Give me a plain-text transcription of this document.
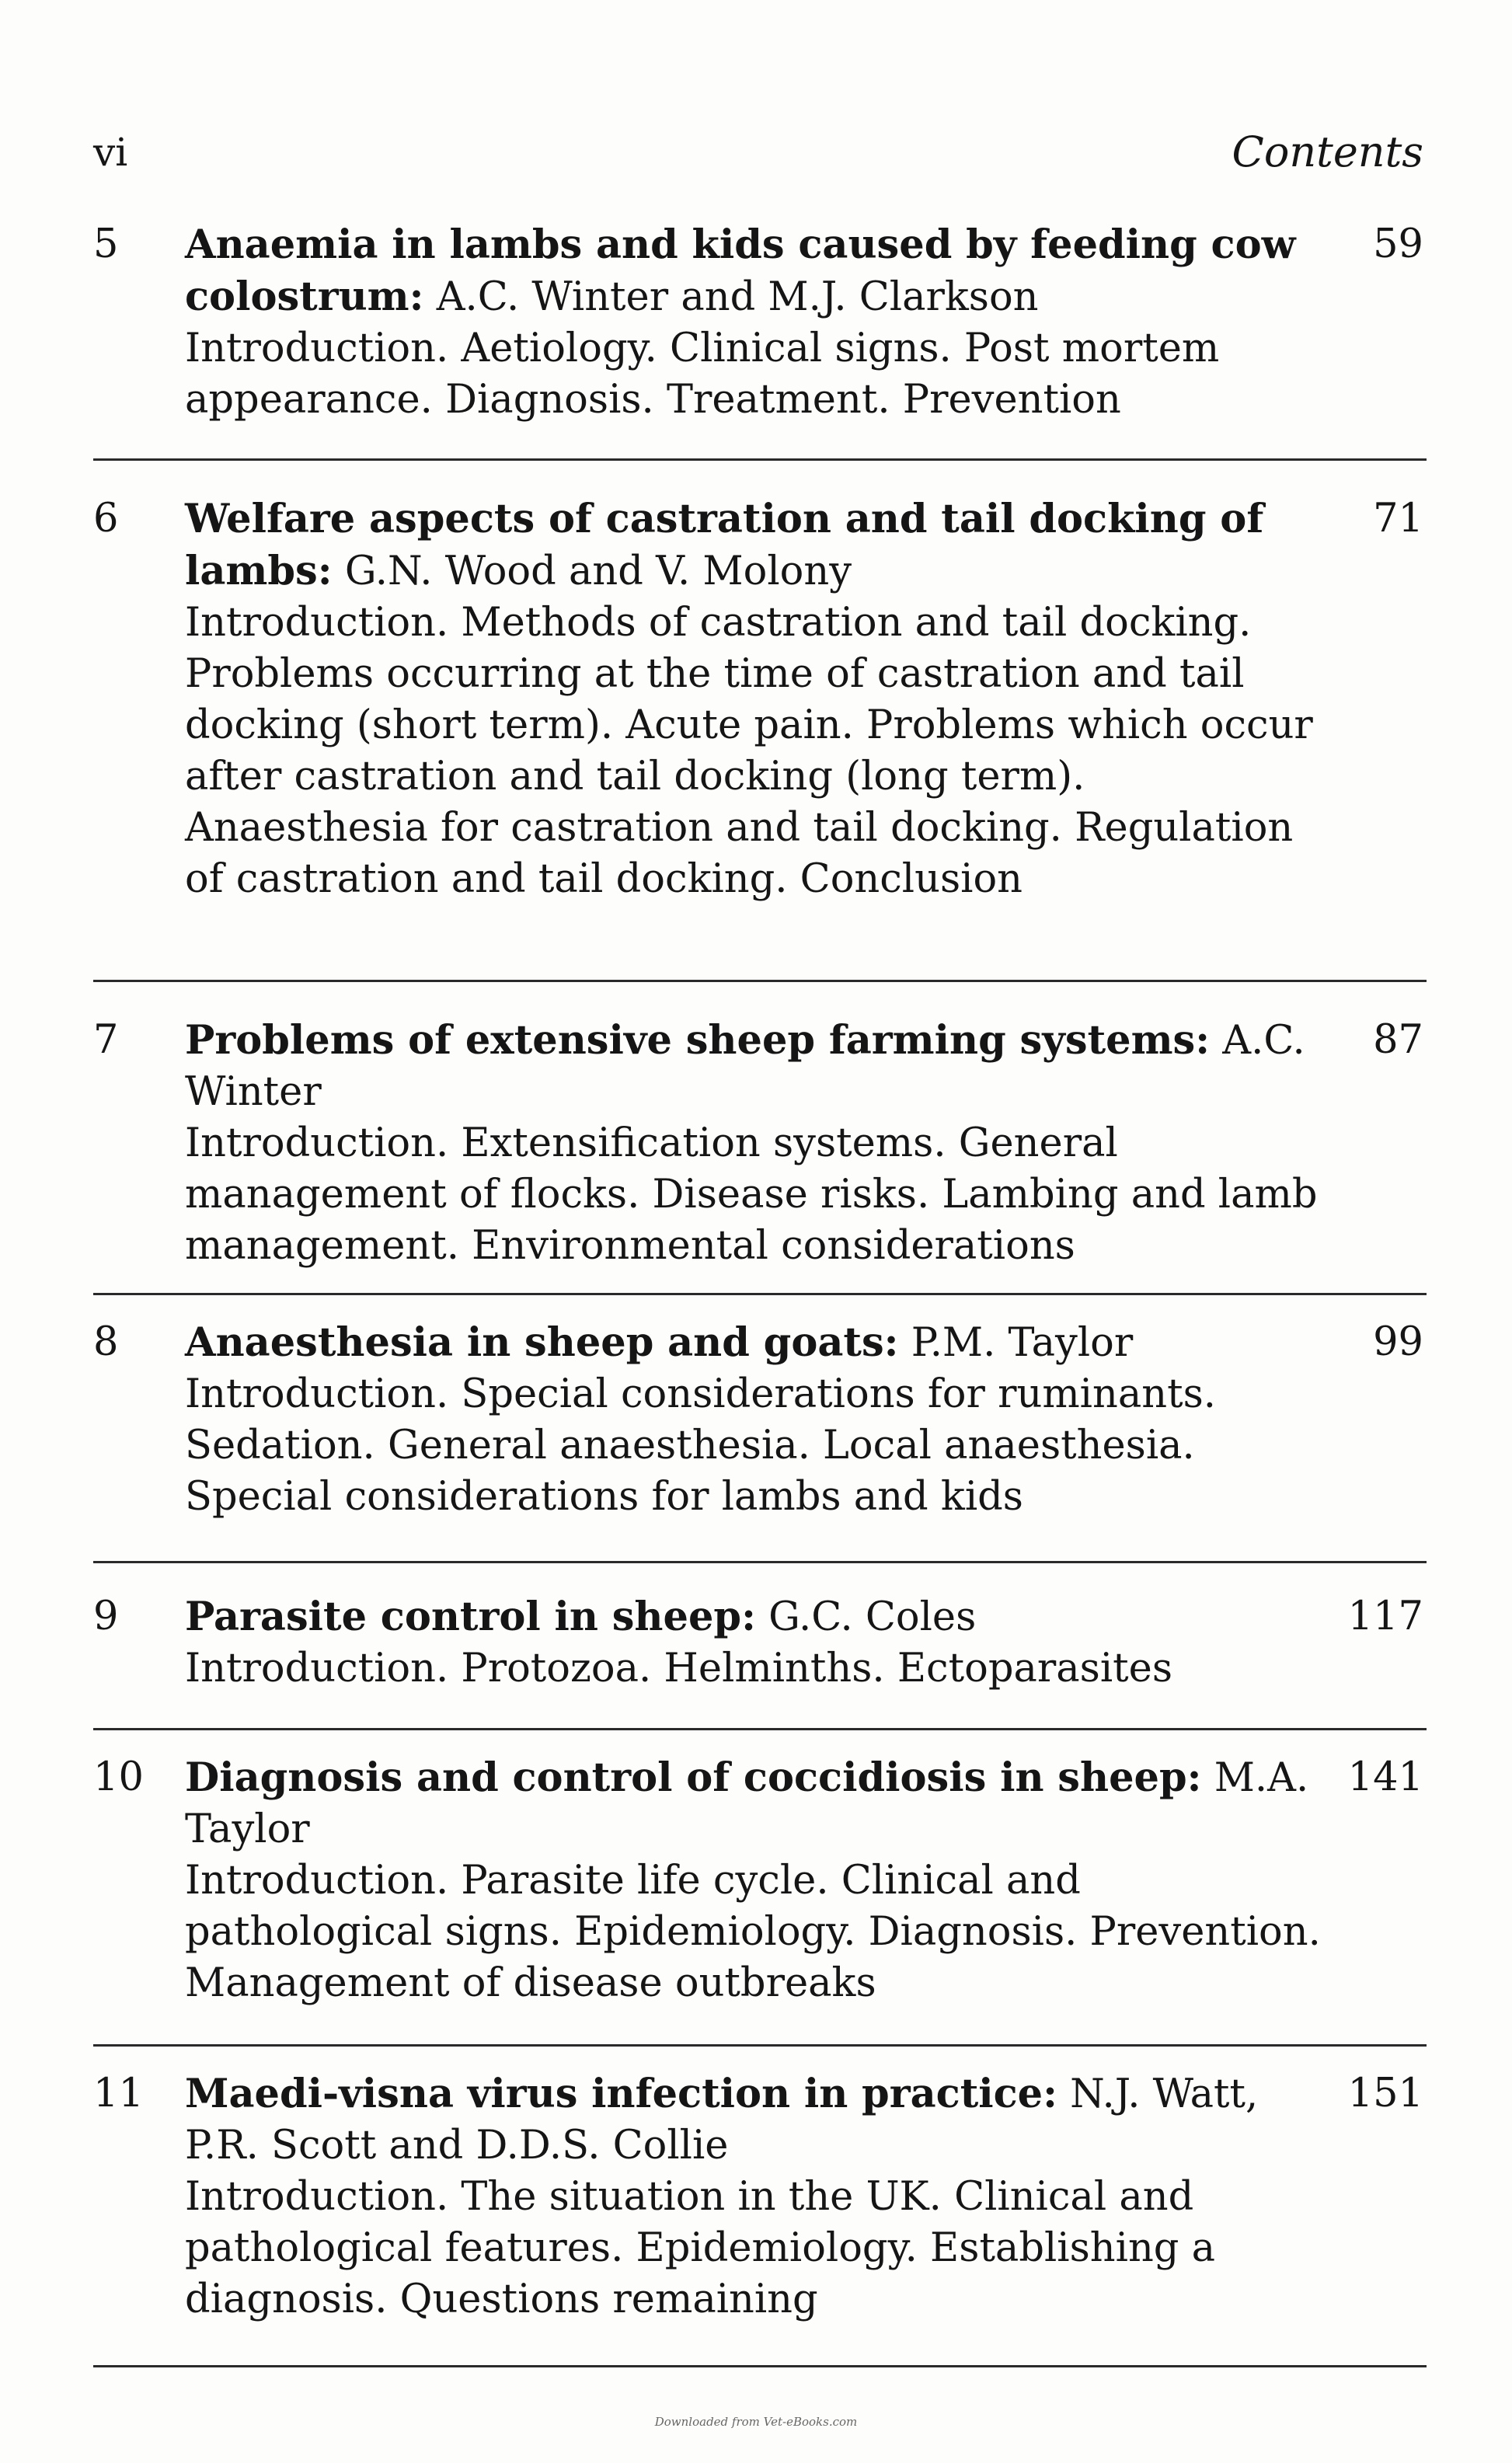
vi	Contents
5	Anaemia in lambs and kids caused by feeding cow colostrum: A.C. Winter and M.J. Clarkson
Introduction. Aetiology. Clinical signs. Post mortem appearance. Diagnosis. Treatment. Prevention
59
6	Welfare aspects of castration and tail docking of lambs: G.N. Wood and V. Molony
Introduction. Methods of castration and tail docking. Problems occurring at the time of castration and tail docking (short term). Acute pain. Problems which occur after castration and tail docking (long term). Anaesthesia for castration and tail docking. Regulation of castration and tail docking. Conclusion
71
7	Problems of extensive sheep farming systems: A.C. Winter
Introduction. Extensification systems. General management of flocks. Disease risks. Lambing and lamb management. Environmental considerations
87
8	Anaesthesia in sheep and goats: P.M. Taylor
Introduction. Special considerations for ruminants. Sedation. General anaesthesia. Local anaesthesia. Special considerations for lambs and kids
99
9	Parasite control in sheep: G.C. Coles
Introduction. Protozoa. Helminths. Ectoparasites
117
10	Diagnosis and control of coccidiosis in sheep: M.A. Taylor
Introduction. Parasite life cycle. Clinical and pathological signs. Epidemiology. Diagnosis. Prevention. Management of disease outbreaks
141
11	Maedi-visna virus infection in practice: N.J. Watt, P.R. Scott and D.D.S. Collie
Introduction. The situation in the UK. Clinical and pathological features. Epidemiology. Establishing a diagnosis. Questions remaining
151
Downloaded from Vet-eBooks.com
